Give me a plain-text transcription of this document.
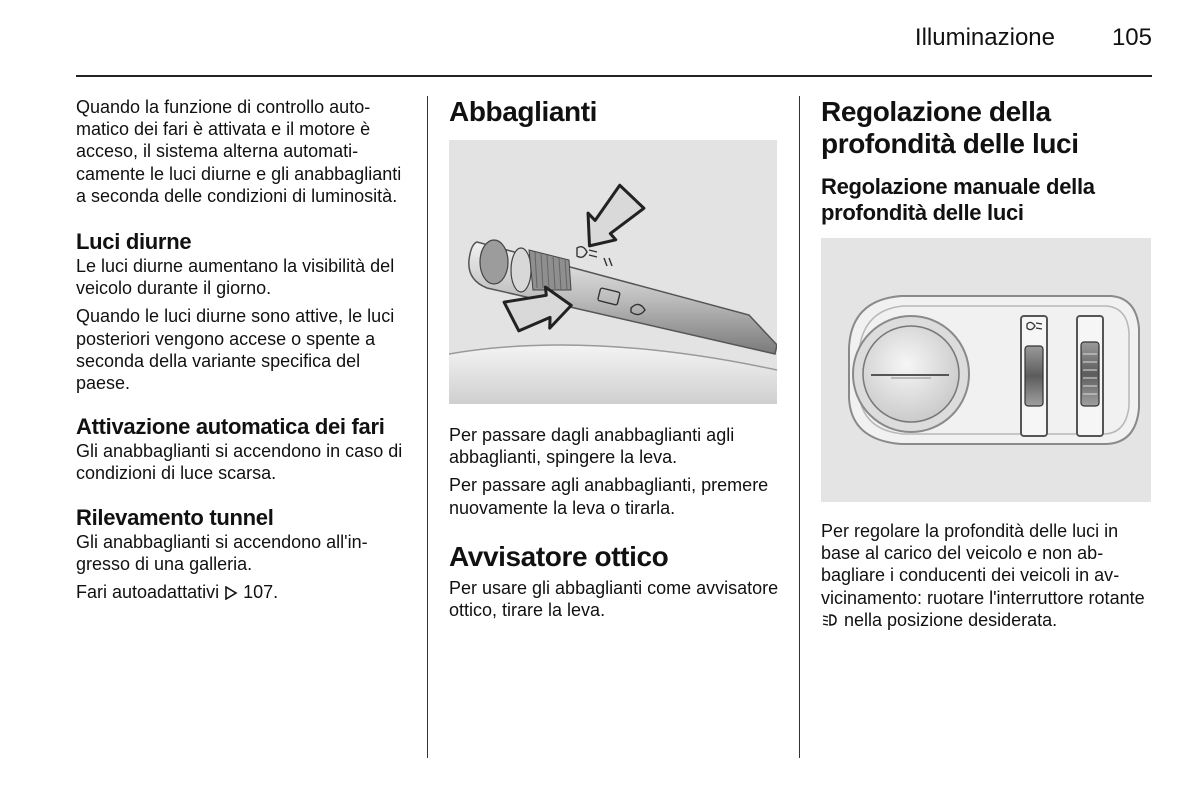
Illuminazione	105

Quando la funzione di controllo automatico dei fari è attivata e il motore è acceso, il sistema alterna automaticamente le luci diurne e gli anabbaglianti a seconda delle condizioni di luminosità.

Luci diurne

Le luci diurne aumentano la visibilità del veicolo durante il giorno.

Quando le luci diurne sono attive, le luci posteriori vengono accese o spente a seconda della variante specifica del paese.

Attivazione automatica dei fari

Gli anabbaglianti si accendono in caso di condizioni di luce scarsa.

Rilevamento tunnel

Gli anabbaglianti si accendono all'ingresso di una galleria.

Fari autoadattativi 107.

Abbaglianti

Per passare dagli anabbaglianti agli abbaglianti, spingere la leva.

Per passare agli anabbaglianti, premere nuovamente la leva o tirarla.

Avvisatore ottico

Per usare gli abbaglianti come avvisatore ottico, tirare la leva.

Regolazione della profondità delle luci
Regolazione manuale della profondità delle luci

Per regolare la profondità delle luci in base al carico del veicolo e non abbagliare i conducenti dei veicoli in avvicinamento: ruotare l'interruttore rotante  nella posizione desiderata.
